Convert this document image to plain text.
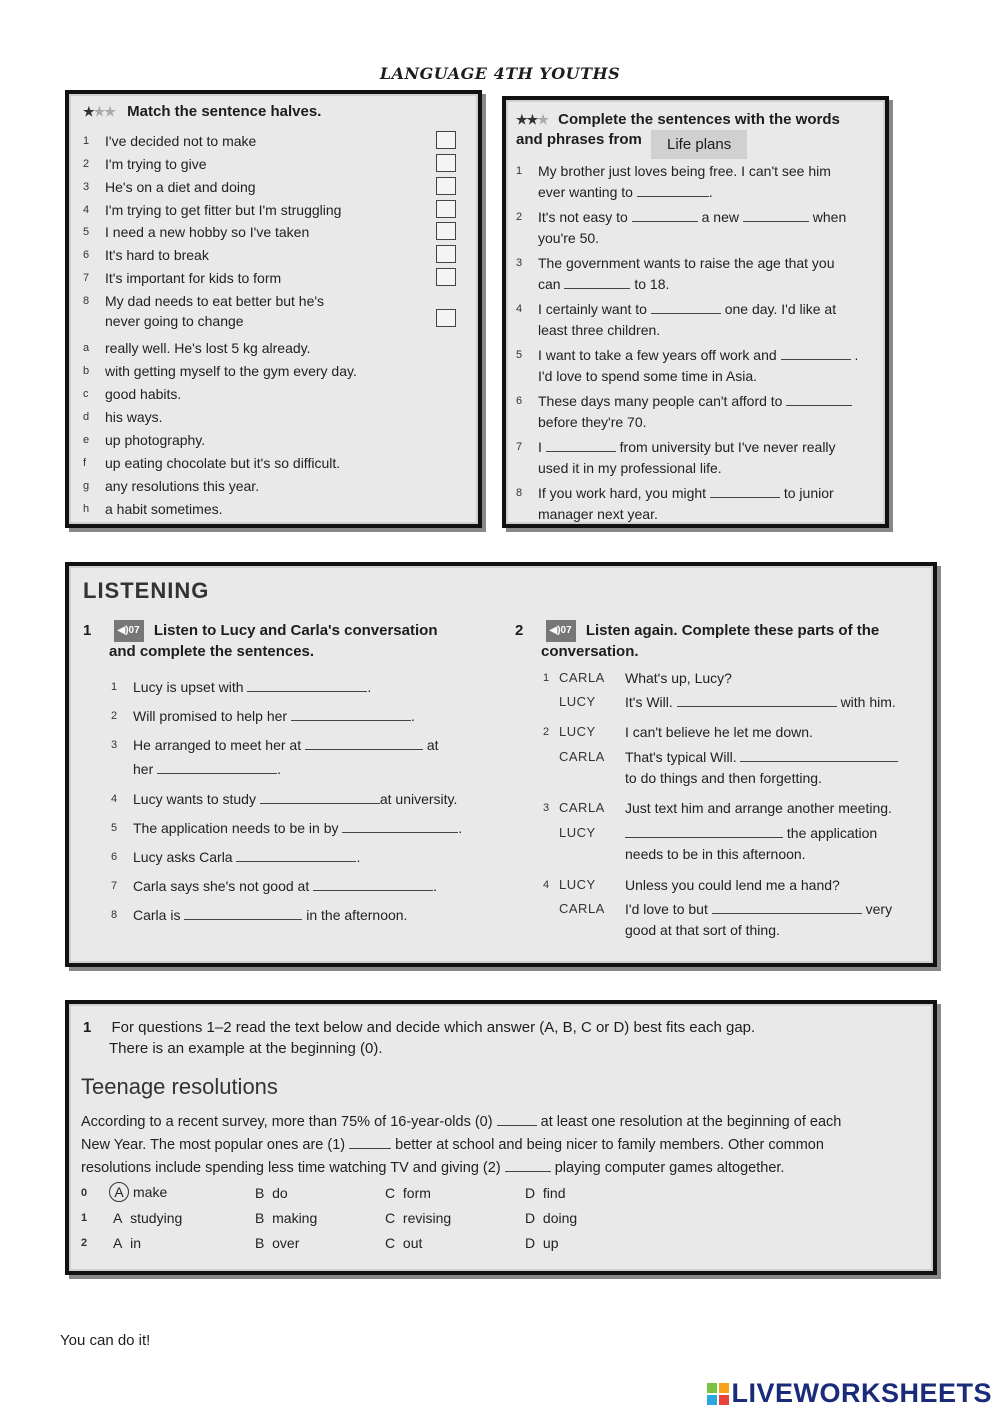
LANGUAGE 4TH YOUTHS
★★★ Match the sentence halves.
1 I've decided not to make
2 I'm trying to give
3 He's on a diet and doing
4 I'm trying to get fitter but I'm struggling
5 I need a new hobby so I've taken
6 It's hard to break
7 It's important for kids to form
8 My dad needs to eat better but he's
never going to change
a really well. He's lost 5 kg already.
b with getting myself to the gym every day.
c good habits.
d his ways.
e up photography.
f up eating chocolate but it's so difficult.
g any resolutions this year.
h a habit sometimes.
★★★ Complete the sentences with the words
and phrases from	Life plans
1 My brother just loves being free. I can't see him
ever wanting to	.
2 It's not easy to	a new	when
you're 50.
3 The government wants to raise the age that you
can	to 18.
4 I certainly want to	one day. I'd like at
least three children.
5 I want to take a few years off work and	.
I'd love to spend some time in Asia.
6 These days many people can't afford to
before they're 70.
7 I	from university but I've never really
used it in my professional life.
8 If you work hard, you might	to junior
manager next year.
LISTENING
1	◀)07 Listen to Lucy and Carla's conversation
and complete the sentences.
1 Lucy is upset with	.
2 Will promised to help her	.
3 He arranged to meet her at	at
her	.
4 Lucy wants to study	at university.
5 The application needs to be in by	.
6 Lucy asks Carla	.
7 Carla says she's not good at	.
8 Carla is	in the afternoon.
2	◀)07 Listen again. Complete these parts of the
conversation.
1 CARLA What's up, Lucy?
LUCY It's Will.	with him.
2 LUCY I can't believe he let me down.
CARLA That's typical Will.
to do things and then forgetting.
3 CARLA Just text him and arrange another meeting.
LUCY	the application
needs to be in this afternoon.
4 LUCY Unless you could lend me a hand?
CARLA I'd love to but	very
good at that sort of thing.
1 For questions 1–2 read the text below and decide which answer (A, B, C or D) best fits each gap.
There is an example at the beginning (0).
Teenage resolutions
According to a recent survey, more than 75% of 16-year-olds (0)	at least one resolution at the beginning of each
New Year. The most popular ones are (1)	better at school and being nicer to family members. Other common
resolutions include spending less time watching TV and giving (2)	playing computer games altogether.
0	A make	B do	C form	D find
1 A studying	B making	C revising	D doing
2 A in	B over	C out	D up
You can do it!
LIVEWORKSHEETS
